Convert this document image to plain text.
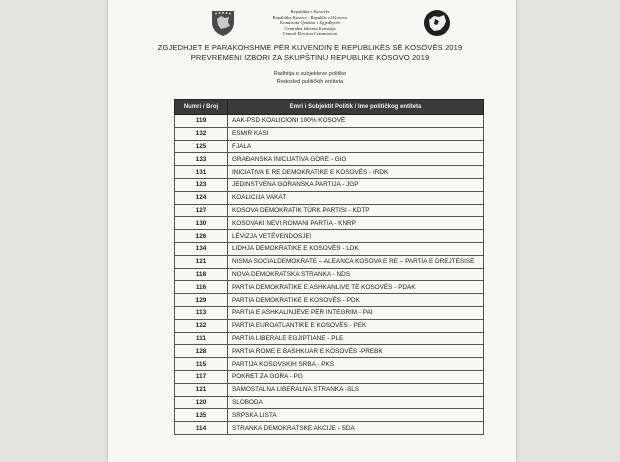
Republika e Kosovës
Republika Kosova - Republic of Kosovo
Komisioni Qendror i Zgjedhjeve
Centralna Izborna Komisija
Central Election Commission
ZGJEDHJET E PARAKOHSHME PËR KUVENDIN E REPUBLIKËS SË KOSOVËS 2019
PREVREMENI IZBORI ZA SKUPŠTINU REPUBLIKE KOSOVO 2019
Radhitja e subjekteve politike
Redosled političkih entiteta
Numri / Broj	Emri i Subjektit Politik / Ime političkog entiteta
119	AAK-PSD KOALICIONI 100% KOSOVË
132	ESMIR KASI
125	FJALA
133	GRAĐANSKA INICIJATIVA GORE - GIG
131	INICIATIVA E RE DEMOKRATIKE E KOSOVËS - IRDK
123	JEDINSTVENA GORANSKA PARTIJA - JGP
124	KOALICIJA VAKAT
127	KOSOVA DEMOKRATIK TÜRK PARTISI - KDTP
130	KOSOVAKI NEVI ROMANI PARTIA - KNRP
126	LËVIZJA VETËVENDOSJE!
134	LIDHJA DEMOKRATIKE E KOSOVËS - LDK
121	NISMA SOCIALDEMOKRATE – ALEANCA KOSOVA E RE – PARTIA E DREJTËSISË
118	NOVA DEMOKRATSKA STRANKA - NDS
116	PARTIA DEMOKRATIKE E ASHKANLIVE TË KOSOVËS - PDAK
129	PARTIA DEMOKRATIKE E KOSOVËS - PDK
113	PARTIA E ASHKALINJËVE PËR INTEGRIM - PAI
122	PARTIA EUROATLANTIKE E KOSOVËS - PEK
111	PARTIA LIBERALE EGJIPTIANE - PLE
128	PARTIA ROME E BASHKUAR E KOSOVËS -PREBK
115	PARTIJA KOSOVSKIH SRBA - PKS
117	POKRET ZA GORA - PG
121	SAMOSTALNA LIBERALNA STRANKA -SLS
120	SLOBODA
135	SRPSKA LISTA
114	STRANKA DEMOKRATSKE AKCIJE - SDA
